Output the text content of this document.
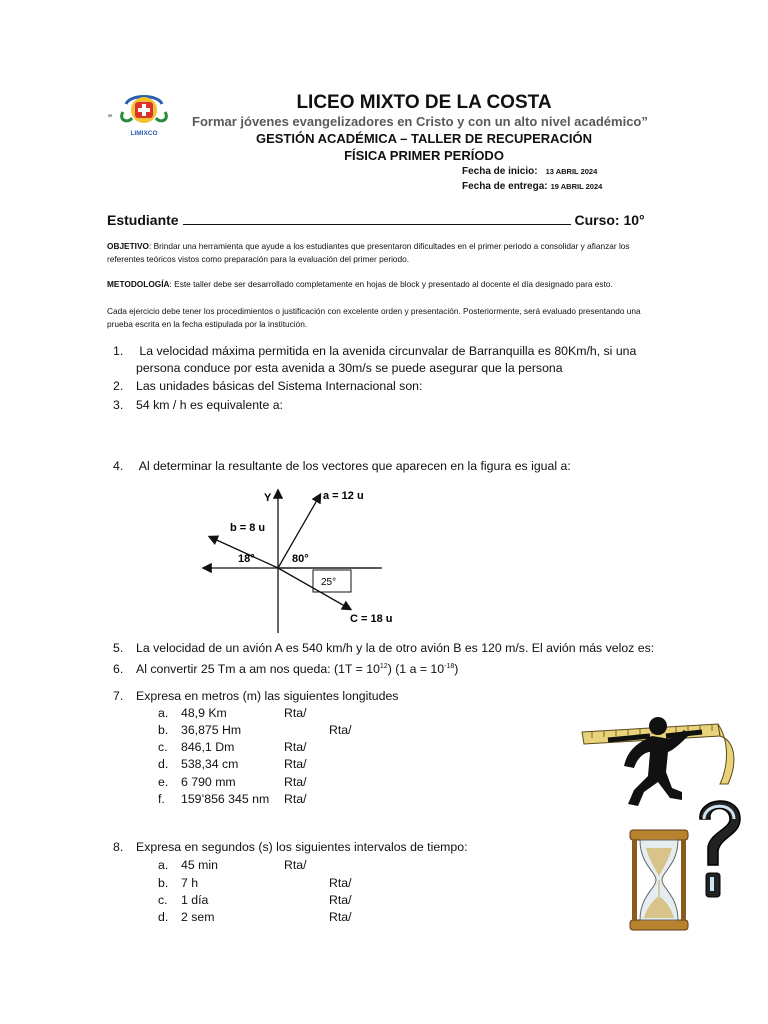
LIMIXCO
”
LICEO MIXTO DE LA COSTA
Formar jóvenes evangelizadores en Cristo y con un alto nivel académico”
GESTIÓN ACADÉMICA – TALLER DE RECUPERACIÓN
FÍSICA PRIMER PERÍODO
Fecha de inicio: 13 ABRIL 2024
Fecha de entrega: 19 ABRIL 2024
Estudiante	Curso: 10°
OBJETIVO: Brindar una herramienta que ayude a los estudiantes que presentaron dificultades en el primer periodo a consolidar y afianzar los referentes teóricos vistos como preparación para la evaluación del primer periodo.
METODOLOGÍA: Este taller debe ser desarrollado completamente en hojas de block y presentado al docente el día designado para esto.
Cada ejercicio debe tener los procedimientos o justificación con excelente orden y presentación. Posteriormente, será evaluado presentando una prueba escrita en la fecha estipulada por la institución.
1. La velocidad máxima permitida en la avenida circunvalar de Barranquilla es 80Km/h, si una
persona conduce por esta avenida a 30m/s se puede asegurar que la persona
2. Las unidades básicas del Sistema Internacional son:
3. 54 km / h es equivalente a:
4. Al determinar la resultante de los vectores que aparecen en la figura es igual a:
Y	a = 12 u
b = 8 u
18°	80°
25°
C = 18 u
5. La velocidad de un avión A es 540 km/h y la de otro avión B es 120 m/s. El avión más veloz es:
6. Al convertir 25 Tm a am nos queda: $(1T = 10^{12})$ (1 $a = 10^{-18}$)
7. Expresa en metros (m) las siguientes longitudes
a.	48,9 Km	Rta/
b.	36,875 Hm	Rta/
c.	846,1 Dm	Rta/
d.	538,34 cm	Rta/
e.	6 790 mm	Rta/
f.	159’856 345 nm Rta/
8. Expresa en segundos (s) los siguientes intervalos de tiempo:
a.	45 min	Rta/
b.	7 h	Rta/
c.	1 día	Rta/
d.	2 sem	Rta/
